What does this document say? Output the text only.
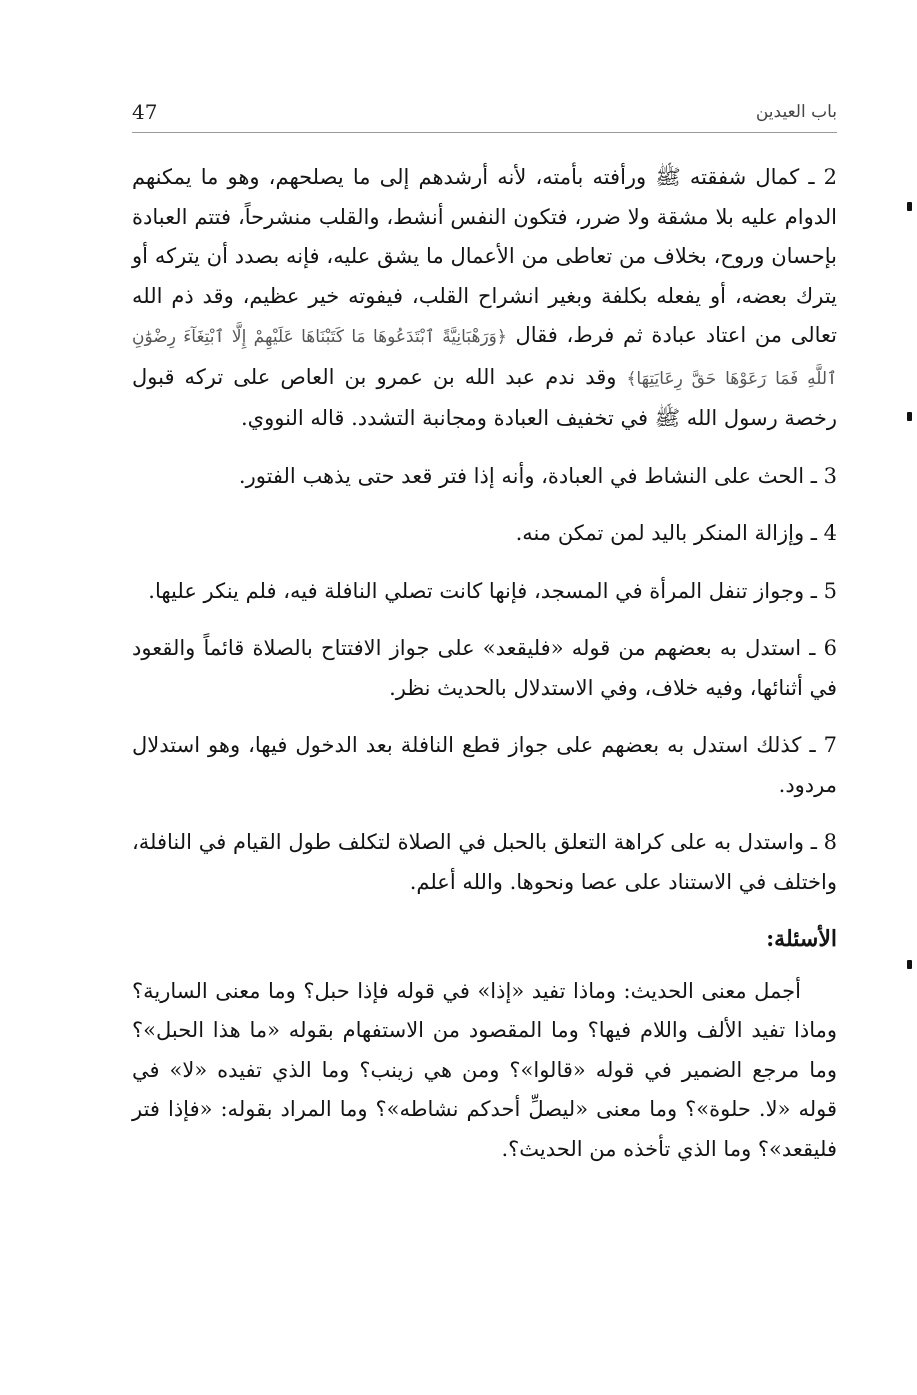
47	باب العيدين

2 ـ كمال شفقته ﷺ ورأفته بأمته، لأنه أرشدهم إلى ما يصلحهم، وهو ما يمكنهم الدوام عليه بلا مشقة ولا ضرر، فتكون النفس أنشط، والقلب منشرحاً، فتتم العبادة بإحسان وروح، بخلاف من تعاطى من الأعمال ما يشق عليه، فإنه بصدد أن يتركه أو يترك بعضه، أو يفعله بكلفة وبغير انشراح القلب، فيفوته خير عظيم، وقد ذم الله تعالى من اعتاد عبادة ثم فرط، فقال ﴿وَرَهْبَانِيَّةً ٱبْتَدَعُوهَا مَا كَتَبْنَاهَا عَلَيْهِمْ إِلَّا ٱبْتِغَآءَ رِضْوَٰنِ ٱللَّهِ فَمَا رَعَوْهَا حَقَّ رِعَايَتِهَا﴾ وقد ندم عبد الله بن عمرو بن العاص على تركه قبول رخصة رسول الله ﷺ في تخفيف العبادة ومجانبة التشدد. قاله النووي.

3 ـ الحث على النشاط في العبادة، وأنه إذا فتر قعد حتى يذهب الفتور.

4 ـ وإزالة المنكر باليد لمن تمكن منه.

5 ـ وجواز تنفل المرأة في المسجد، فإنها كانت تصلي النافلة فيه، فلم ينكر عليها.

6 ـ استدل به بعضهم من قوله «فليقعد» على جواز الافتتاح بالصلاة قائماً والقعود في أثنائها، وفيه خلاف، وفي الاستدلال بالحديث نظر.

7 ـ كذلك استدل به بعضهم على جواز قطع النافلة بعد الدخول فيها، وهو استدلال مردود.

8 ـ واستدل به على كراهة التعلق بالحبل في الصلاة لتكلف طول القيام في النافلة، واختلف في الاستناد على عصا ونحوها. والله أعلم.

الأسئلة:

أجمل معنى الحديث: وماذا تفيد «إذا» في قوله فإذا حبل؟ وما معنى السارية؟ وماذا تفيد الألف واللام فيها؟ وما المقصود من الاستفهام بقوله «ما هذا الحبل»؟ وما مرجع الضمير في قوله «قالوا»؟ ومن هي زينب؟ وما الذي تفيده «لا» في قوله «لا. حلوة»؟ وما معنى «ليصلِّ أحدكم نشاطه»؟ وما المراد بقوله: «فإذا فتر فليقعد»؟ وما الذي تأخذه من الحديث؟.
